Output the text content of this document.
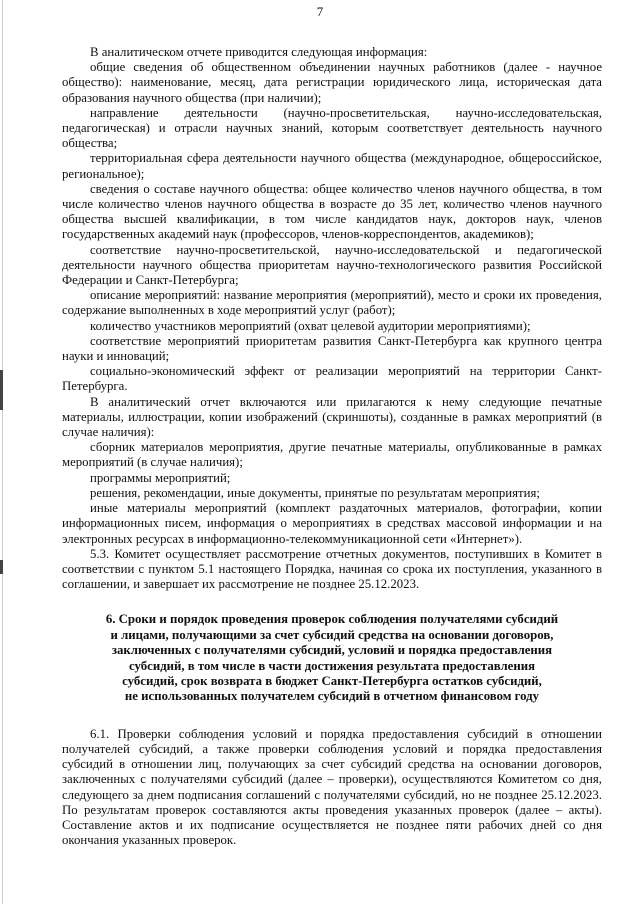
7

В аналитическом отчете приводится следующая информация:

общие сведения об общественном объединении научных работников (далее - научное общество): наименование, месяц, дата регистрации юридического лица, историческая дата образования научного общества (при наличии);

направление деятельности (научно-просветительская, научно-исследовательская, педагогическая) и отрасли научных знаний, которым соответствует деятельность научного общества;

территориальная сфера деятельности научного общества (международное, общероссийское, региональное);

сведения о составе научного общества: общее количество членов научного общества, в том числе количество членов научного общества в возрасте до 35 лет, количество членов научного общества высшей квалификации, в том числе кандидатов наук, докторов наук, членов государственных академий наук (профессоров, членов-корреспондентов, академиков);

соответствие научно-просветительской, научно-исследовательской и педагогической деятельности научного общества приоритетам научно-технологического развития Российской Федерации и Санкт-Петербурга;

описание мероприятий: название мероприятия (мероприятий), место и сроки их проведения, содержание выполненных в ходе мероприятий услуг (работ);

количество участников мероприятий (охват целевой аудитории мероприятиями);

соответствие мероприятий приоритетам развития Санкт-Петербурга как крупного центра науки и инноваций;

социально-экономический эффект от реализации мероприятий на территории Санкт-Петербурга.

В аналитический отчет включаются или прилагаются к нему следующие печатные материалы, иллюстрации, копии изображений (скриншоты), созданные в рамках мероприятий (в случае наличия):

сборник материалов мероприятия, другие печатные материалы, опубликованные в рамках мероприятий (в случае наличия);

программы мероприятий;

решения, рекомендации, иные документы, принятые по результатам мероприятия;

иные материалы мероприятий (комплект раздаточных материалов, фотографии, копии информационных писем, информация о мероприятиях в средствах массовой информации и на электронных ресурсах в информационно-телекоммуникационной сети «Интернет»).

5.3. Комитет осуществляет рассмотрение отчетных документов, поступивших в Комитет в соответствии с пунктом 5.1 настоящего Порядка, начиная со срока их поступления, указанного в соглашении, и завершает их рассмотрение не позднее 25.12.2023.

6. Сроки и порядок проведения проверок соблюдения получателями субсидий
и лицами, получающими за счет субсидий средства на основании договоров,
заключенных с получателями субсидий, условий и порядка предоставления
субсидий, в том числе в части достижения результата предоставления
субсидий, срок возврата в бюджет Санкт-Петербурга остатков субсидий,
не использованных получателем субсидий в отчетном финансовом году

6.1. Проверки соблюдения условий и порядка предоставления субсидий в отношении получателей субсидий, а также проверки соблюдения условий и порядка предоставления субсидий в отношении лиц, получающих за счет субсидий средства на основании договоров, заключенных с получателями субсидий (далее – проверки), осуществляются Комитетом со дня, следующего за днем подписания соглашений с получателями субсидий, но не позднее 25.12.2023. По результатам проверок составляются акты проведения указанных проверок (далее – акты). Составление актов и их подписание осуществляется не позднее пяти рабочих дней со дня окончания указанных проверок.
